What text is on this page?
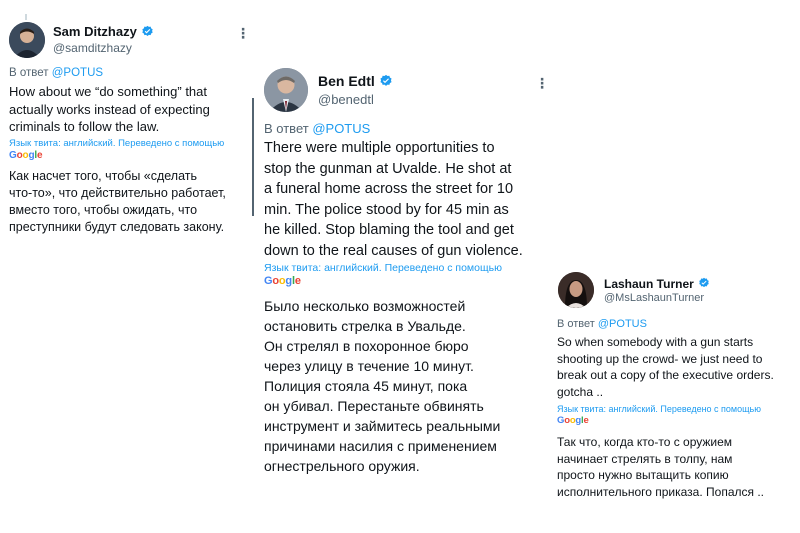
Sam Ditzhazy
@samditzhazy
⋮
В ответ @POTUS
How about we “do something” that
actually works instead of expecting
criminals to follow the law.
Язык твита: английский. Переведено с помощью
Google
Как насчет того, чтобы «сделать
что-то», что действительно работает,
вместо того, чтобы ожидать, что
преступники будут следовать закону.
Ben Edtl
@benedtl
⋮
В ответ @POTUS
There were multiple opportunities to
stop the gunman at Uvalde. He shot at
a funeral home across the street for 10
min. The police stood by for 45 min as
he killed. Stop blaming the tool and get
down to the real causes of gun violence.
Язык твита: английский. Переведено с помощью
Google
Было несколько возможностей
остановить стрелка в Увальде.
Он стрелял в похоронное бюро
через улицу в течение 10 минут.
Полиция стояла 45 минут, пока
он убивал. Перестаньте обвинять
инструмент и займитесь реальными
причинами насилия с применением
огнестрельного оружия.
Lashaun Turner
@MsLashaunTurner
В ответ @POTUS
So when somebody with a gun starts
shooting up the crowd- we just need to
break out a copy of the executive orders.
gotcha ..
Язык твита: английский. Переведено с помощью
Google
Так что, когда кто-то с оружием
начинает стрелять в толпу, нам
просто нужно вытащить копию
исполнительного приказа. Попался ..
